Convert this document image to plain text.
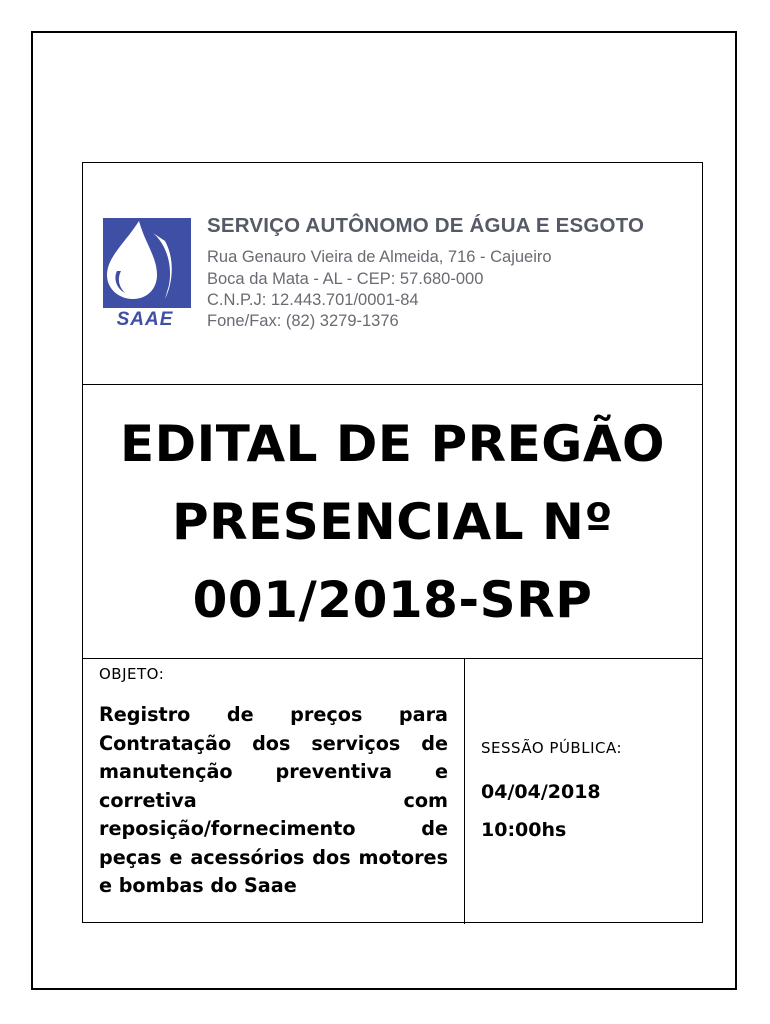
SAAE
SERVIÇO AUTÔNOMO DE ÁGUA E ESGOTO
Rua Genauro Vieira de Almeida, 716 - Cajueiro
Boca da Mata - AL - CEP: 57.680-000
C.N.P.J: 12.443.701/0001-84
Fone/Fax: (82) 3279-1376
EDITAL DE PREGÃO
PRESENCIAL Nº
001/2018-SRP
OBJETO:
Registro de preços para Contratação dos serviços de manutenção preventiva e corretiva com reposição/fornecimento de peças e acessórios dos motores e bombas do Saae
SESSÃO PÚBLICA:
04/04/2018
10:00hs
